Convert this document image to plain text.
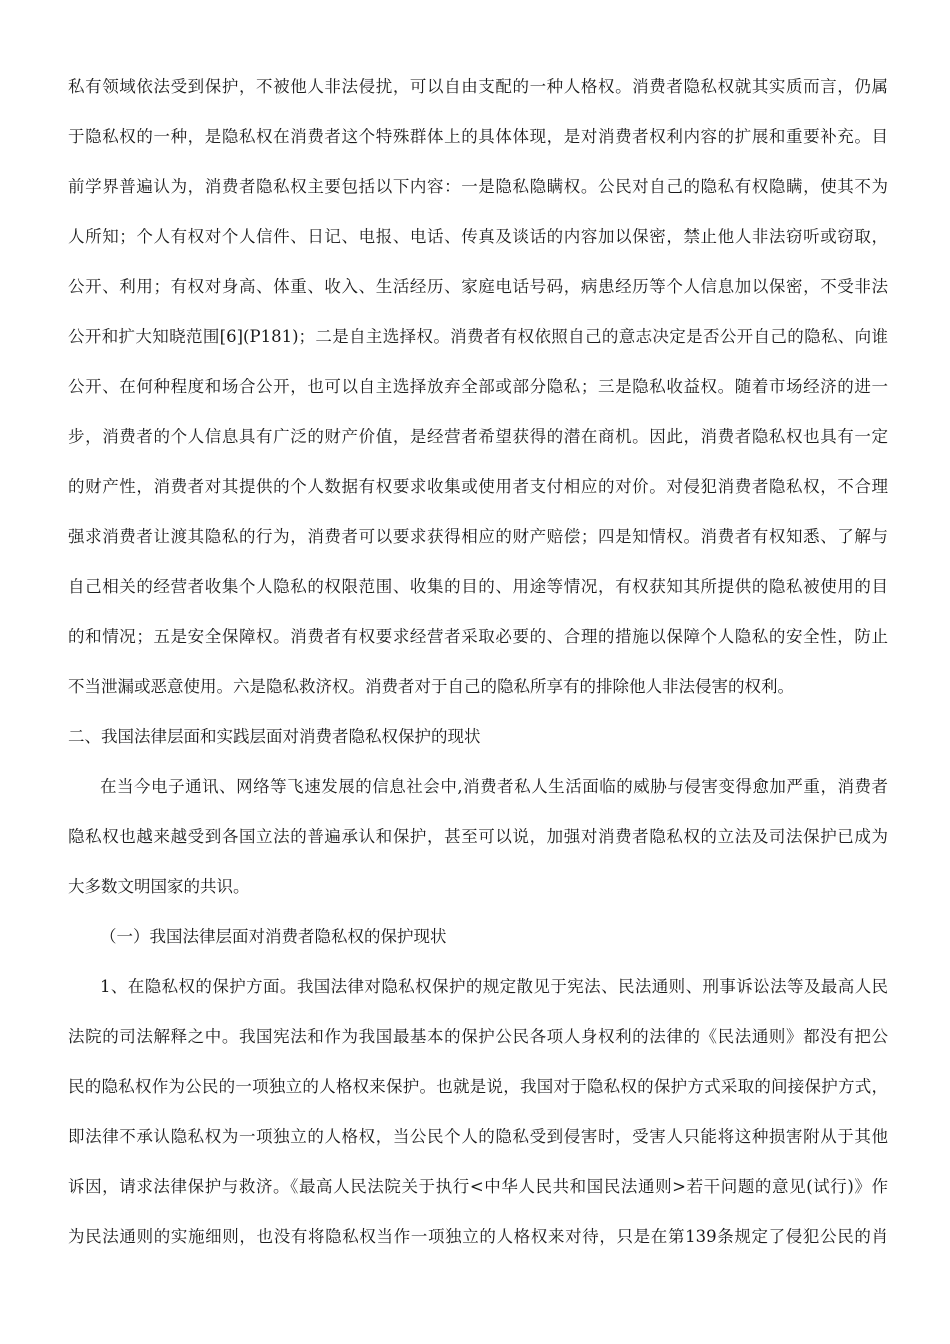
私有领域依法受到保护，不被他人非法侵扰，可以自由支配的一种人格权。消费者隐私权就其实质而言，仍属

于隐私权的一种，是隐私权在消费者这个特殊群体上的具体体现，是对消费者权利内容的扩展和重要补充。目

前学界普遍认为，消费者隐私权主要包括以下内容：一是隐私隐瞒权。公民对自己的隐私有权隐瞒，使其不为

人所知；个人有权对个人信件、日记、电报、电话、传真及谈话的内容加以保密，禁止他人非法窃听或窃取，

公开、利用；有权对身高、体重、收入、生活经历、家庭电话号码，病患经历等个人信息加以保密，不受非法

公开和扩大知晓范围[6](P181)；二是自主选择权。消费者有权依照自己的意志决定是否公开自己的隐私、向谁

公开、在何种程度和场合公开，也可以自主选择放弃全部或部分隐私；三是隐私收益权。随着市场经济的进一

步，消费者的个人信息具有广泛的财产价值，是经营者希望获得的潜在商机。因此，消费者隐私权也具有一定

的财产性，消费者对其提供的个人数据有权要求收集或使用者支付相应的对价。对侵犯消费者隐私权，不合理

强求消费者让渡其隐私的行为，消费者可以要求获得相应的财产赔偿；四是知情权。消费者有权知悉、了解与

自己相关的经营者收集个人隐私的权限范围、收集的目的、用途等情况，有权获知其所提供的隐私被使用的目

的和情况；五是安全保障权。消费者有权要求经营者采取必要的、合理的措施以保障个人隐私的安全性，防止

不当泄漏或恶意使用。六是隐私救济权。消费者对于自己的隐私所享有的排除他人非法侵害的权利。

二、我国法律层面和实践层面对消费者隐私权保护的现状

在当今电子通讯、网络等飞速发展的信息社会中,消费者私人生活面临的威胁与侵害变得愈加严重，消费者

隐私权也越来越受到各国立法的普遍承认和保护，甚至可以说，加强对消费者隐私权的立法及司法保护已成为

大多数文明国家的共识。

（一）我国法律层面对消费者隐私权的保护现状

1、在隐私权的保护方面。我国法律对隐私权保护的规定散见于宪法、民法通则、刑事诉讼法等及最高人民

法院的司法解释之中。我国宪法和作为我国最基本的保护公民各项人身权利的法律的《民法通则》都没有把公

民的隐私权作为公民的一项独立的人格权来保护。也就是说，我国对于隐私权的保护方式采取的间接保护方式，

即法律不承认隐私权为一项独立的人格权，当公民个人的隐私受到侵害时，受害人只能将这种损害附从于其他

诉因，请求法律保护与救济。《最高人民法院关于执行<中华人民共和国民法通则>若干问题的意见(试行)》作

为民法通则的实施细则，也没有将隐私权当作一项独立的人格权来对待，只是在第139条规定了侵犯公民的肖
